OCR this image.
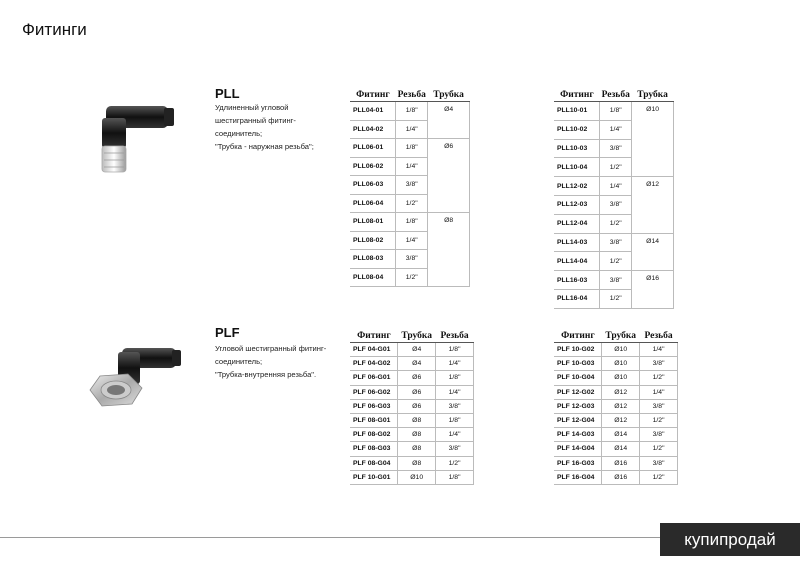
Фитинги
PLL
Удлиненный угловой
шестигранный фитинг-
соединитель;
"Трубка - наружная резьба";
Фитинг	Резьба	Трубка
PLL04-01	1/8"	Ø4
PLL04-02	1/4"	
PLL06-01	1/8"	Ø6
PLL06-02	1/4"	
PLL06-03	3/8"	
PLL06-04	1/2"	
PLL08-01	1/8"	Ø8
PLL08-02	1/4"	
PLL08-03	3/8"	
PLL08-04	1/2"	
Фитинг	Резьба	Трубка
PLL10-01	1/8"	Ø10
PLL10-02	1/4"	
PLL10-03	3/8"	
PLL10-04	1/2"	
PLL12-02	1/4"	Ø12
PLL12-03	3/8"	
PLL12-04	1/2"	
PLL14-03	3/8"	Ø14
PLL14-04	1/2"	
PLL16-03	3/8"	Ø16
PLL16-04	1/2"	
PLF
Угловой шестигранный фитинг-
соединитель;
"Трубка-внутренняя резьба".
Фитинг	Трубка	Резьба
PLF 04-G01	Ø4	1/8"
PLF 04-G02	Ø4	1/4"
PLF 06-G01	Ø6	1/8"
PLF 06-G02	Ø6	1/4"
PLF 06-G03	Ø6	3/8"
PLF 08-G01	Ø8	1/8"
PLF 08-G02	Ø8	1/4"
PLF 08-G03	Ø8	3/8"
PLF 08-G04	Ø8	1/2"
PLF 10-G01	Ø10	1/8"
Фитинг	Трубка	Резьба
PLF 10-G02	Ø10	1/4"
PLF 10-G03	Ø10	3/8"
PLF 10-G04	Ø10	1/2"
PLF 12-G02	Ø12	1/4"
PLF 12-G03	Ø12	3/8"
PLF 12-G04	Ø12	1/2"
PLF 14-G03	Ø14	3/8"
PLF 14-G04	Ø14	1/2"
PLF 16-G03	Ø16	3/8"
PLF 16-G04	Ø16	1/2"
купипродай
